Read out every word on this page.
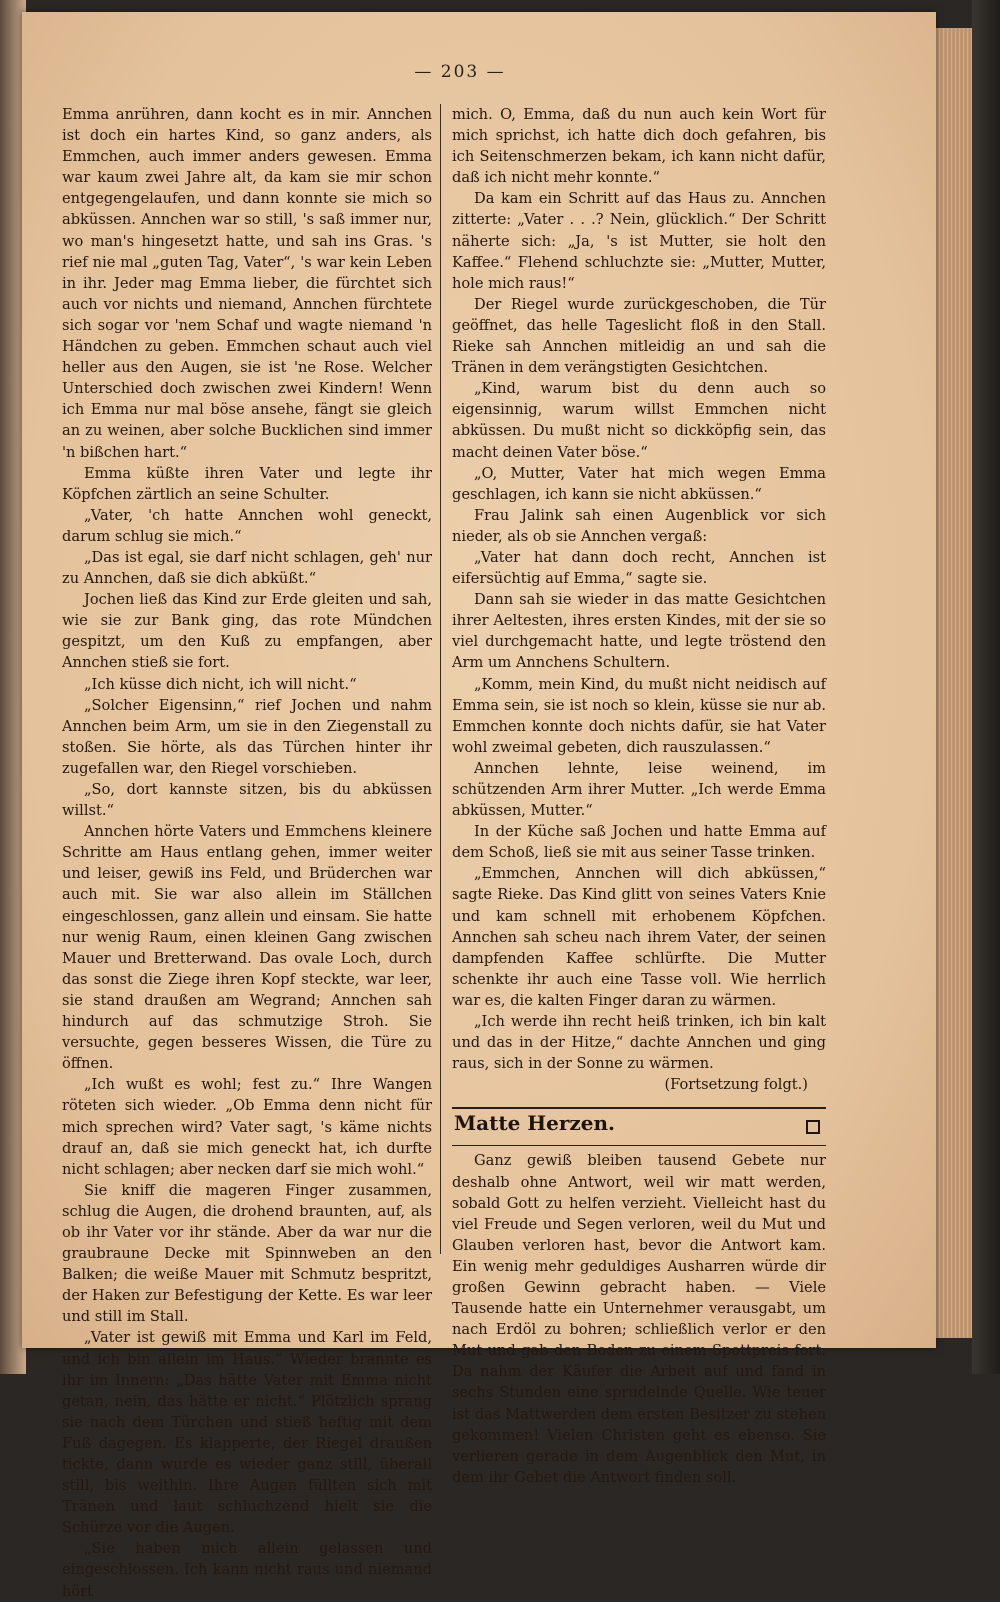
— 203 —

Emma anrühren, dann kocht es in mir. Annchen ist doch ein hartes Kind, so ganz anders, als Emmchen, auch immer anders gewesen. Emma war kaum zwei Jahre alt, da kam sie mir schon entgegengelaufen, und dann konnte sie mich so abküssen. Annchen war so still, 's saß immer nur, wo man's hingesetzt hatte, und sah ins Gras. 's rief nie mal „guten Tag, Vater“, 's war kein Leben in ihr. Jeder mag Emma lieber, die fürchtet sich auch vor nichts und niemand, Annchen fürchtete sich sogar vor 'nem Schaf und wagte niemand 'n Händchen zu geben. Emmchen schaut auch viel heller aus den Augen, sie ist 'ne Rose. Welcher Unterschied doch zwischen zwei Kindern! Wenn ich Emma nur mal böse ansehe, fängt sie gleich an zu weinen, aber solche Bucklichen sind immer 'n bißchen hart.“

Emma küßte ihren Vater und legte ihr Köpfchen zärtlich an seine Schulter.

„Vater, 'ch hatte Annchen wohl geneckt, darum schlug sie mich.“

„Das ist egal, sie darf nicht schlagen, geh' nur zu Annchen, daß sie dich abküßt.“

Jochen ließ das Kind zur Erde gleiten und sah, wie sie zur Bank ging, das rote Mündchen gespitzt, um den Kuß zu empfangen, aber Annchen stieß sie fort.

„Ich küsse dich nicht, ich will nicht.“

„Solcher Eigensinn,“ rief Jochen und nahm Annchen beim Arm, um sie in den Ziegenstall zu stoßen. Sie hörte, als das Türchen hinter ihr zugefallen war, den Riegel vorschieben.

„So, dort kannste sitzen, bis du abküssen willst.“

Annchen hörte Vaters und Emmchens kleinere Schritte am Haus entlang gehen, immer weiter und leiser, gewiß ins Feld, und Brüderchen war auch mit. Sie war also allein im Ställchen eingeschlossen, ganz allein und einsam. Sie hatte nur wenig Raum, einen kleinen Gang zwischen Mauer und Bretterwand. Das ovale Loch, durch das sonst die Ziege ihren Kopf steckte, war leer, sie stand draußen am Wegrand; Annchen sah hindurch auf das schmutzige Stroh. Sie versuchte, gegen besseres Wissen, die Türe zu öffnen.

„Ich wußt es wohl; fest zu.“ Ihre Wangen röteten sich wieder. „Ob Emma denn nicht für mich sprechen wird? Vater sagt, 's käme nichts drauf an, daß sie mich geneckt hat, ich durfte nicht schlagen; aber necken darf sie mich wohl.“

Sie kniff die mageren Finger zusammen, schlug die Augen, die drohend braunten, auf, als ob ihr Vater vor ihr stände. Aber da war nur die graubraune Decke mit Spinnweben an den Balken; die weiße Mauer mit Schmutz bespritzt, der Haken zur Befestigung der Kette. Es war leer und still im Stall.

„Vater ist gewiß mit Emma und Karl im Feld, und ich bin allein im Haus.“ Wieder brannte es ihr im Innern: „Das hätte Vater mit Emma nicht getan, nein, das hätte er nicht.“ Plötzlich sprang sie nach dem Türchen und stieß heftig mit dem Fuß dagegen. Es klapperte, der Riegel draußen tickte, dann wurde es wieder ganz still, überall still, bis weithin. Ihre Augen füllten sich mit Tränen und laut schluchzend hielt sie die Schürze vor die Augen.

„Sie haben mich allein gelassen und eingeschlossen. Ich kann nicht raus und niemand hört

mich. O, Emma, daß du nun auch kein Wort für mich sprichst, ich hatte dich doch gefahren, bis ich Seitenschmerzen bekam, ich kann nicht dafür, daß ich nicht mehr konnte.“

Da kam ein Schritt auf das Haus zu. Annchen zitterte: „Vater . . .? Nein, glücklich.“ Der Schritt näherte sich: „Ja, 's ist Mutter, sie holt den Kaffee.“ Flehend schluchzte sie: „Mutter, Mutter, hole mich raus!“

Der Riegel wurde zurückgeschoben, die Tür geöffnet, das helle Tageslicht floß in den Stall. Rieke sah Annchen mitleidig an und sah die Tränen in dem verängstigten Gesichtchen.

„Kind, warum bist du denn auch so eigensinnig, warum willst Emmchen nicht abküssen. Du mußt nicht so dickköpfig sein, das macht deinen Vater böse.“

„O, Mutter, Vater hat mich wegen Emma geschlagen, ich kann sie nicht abküssen.“

Frau Jalink sah einen Augenblick vor sich nieder, als ob sie Annchen vergaß:

„Vater hat dann doch recht, Annchen ist eifersüchtig auf Emma,“ sagte sie.

Dann sah sie wieder in das matte Gesichtchen ihrer Aeltesten, ihres ersten Kindes, mit der sie so viel durchgemacht hatte, und legte tröstend den Arm um Annchens Schultern.

„Komm, mein Kind, du mußt nicht neidisch auf Emma sein, sie ist noch so klein, küsse sie nur ab. Emmchen konnte doch nichts dafür, sie hat Vater wohl zweimal gebeten, dich rauszulassen.“

Annchen lehnte, leise weinend, im schützenden Arm ihrer Mutter. „Ich werde Emma abküssen, Mutter.“

In der Küche saß Jochen und hatte Emma auf dem Schoß, ließ sie mit aus seiner Tasse trinken.

„Emmchen, Annchen will dich abküssen,“ sagte Rieke. Das Kind glitt von seines Vaters Knie und kam schnell mit erhobenem Köpfchen. Annchen sah scheu nach ihrem Vater, der seinen dampfenden Kaffee schlürfte. Die Mutter schenkte ihr auch eine Tasse voll. Wie herrlich war es, die kalten Finger daran zu wärmen.

„Ich werde ihn recht heiß trinken, ich bin kalt und das in der Hitze,“ dachte Annchen und ging raus, sich in der Sonne zu wärmen.

(Fortsetzung folgt.)

Matte Herzen.

Ganz gewiß bleiben tausend Gebete nur deshalb ohne Antwort, weil wir matt werden, sobald Gott zu helfen verzieht. Vielleicht hast du viel Freude und Segen verloren, weil du Mut und Glauben verloren hast, bevor die Antwort kam. Ein wenig mehr geduldiges Ausharren würde dir großen Gewinn gebracht haben. — Viele Tausende hatte ein Unternehmer verausgabt, um nach Erdöl zu bohren; schließlich verlor er den Mut und gab den Boden zu einem Spottpreis fort. Da nahm der Käufer die Arbeit auf und fand in sechs Stunden eine sprudelnde Quelle. Wie teuer ist das Mattwerden dem ersten Besitzer zu stehen gekommen! Vielen Christen geht es ebenso. Sie verlieren gerade in dem Augenblick den Mut, in dem ihr Gebet die Antwort finden soll.
